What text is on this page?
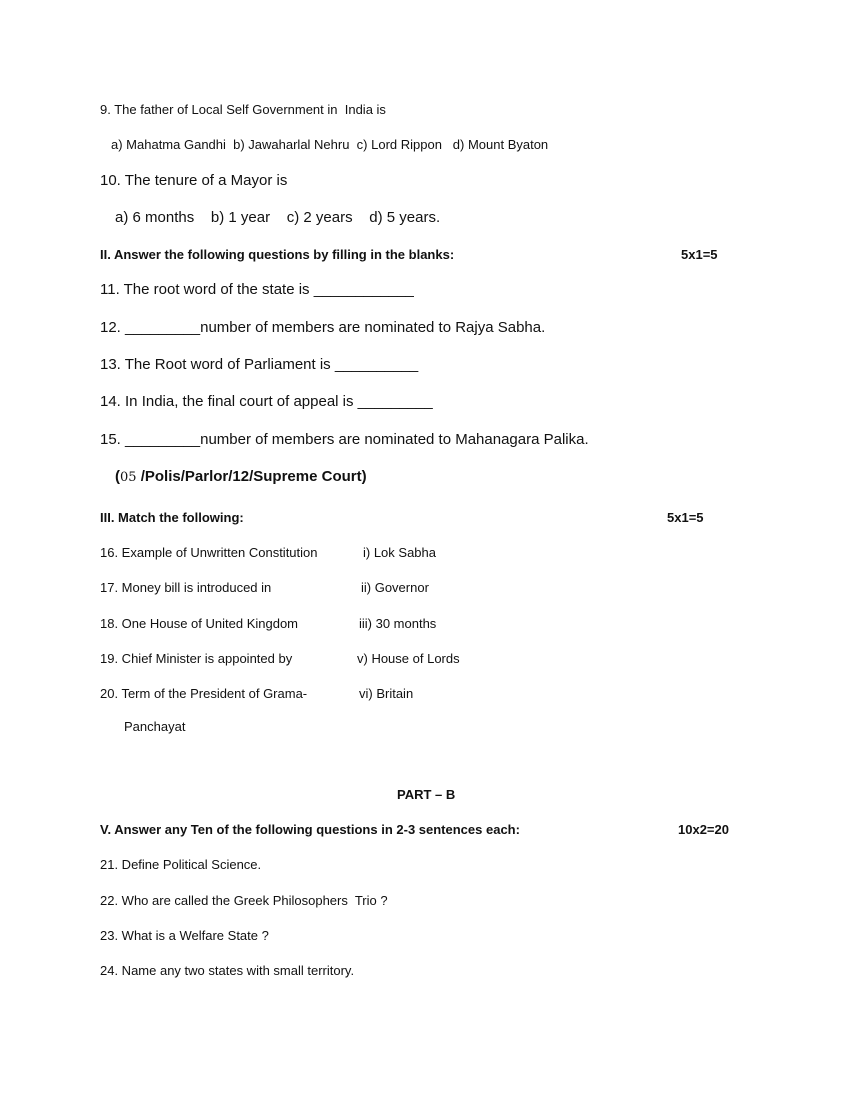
9. The father of Local Self Government in  India is
a) Mahatma Gandhi  b) Jawaharlal Nehru  c) Lord Rippon   d) Mount Byaton
10. The tenure of a Mayor is
a) 6 months    b) 1 year    c) 2 years    d) 5 years.
II. Answer the following questions by filling in the blanks:	5x1=5
11. The root word of the state is ____________
12. _________number of members are nominated to Rajya Sabha.
13. The Root word of Parliament is __________
14. In India, the final court of appeal is _________
15. _________number of members are nominated to Mahanagara Palika.
(05 /Polis/Parlor/12/Supreme Court)
III. Match the following:	5x1=5
16. Example of Unwritten Constitution	i) Lok Sabha
17. Money bill is introduced in	ii) Governor
18. One House of United Kingdom	iii) 30 months
19. Chief Minister is appointed by	v) House of Lords
20. Term of the President of Grama-	vi) Britain
Panchayat
PART – B
V. Answer any Ten of the following questions in 2-3 sentences each:	10x2=20
21. Define Political Science.
22. Who are called the Greek Philosophers  Trio ?
23. What is a Welfare State ?
24. Name any two states with small territory.
